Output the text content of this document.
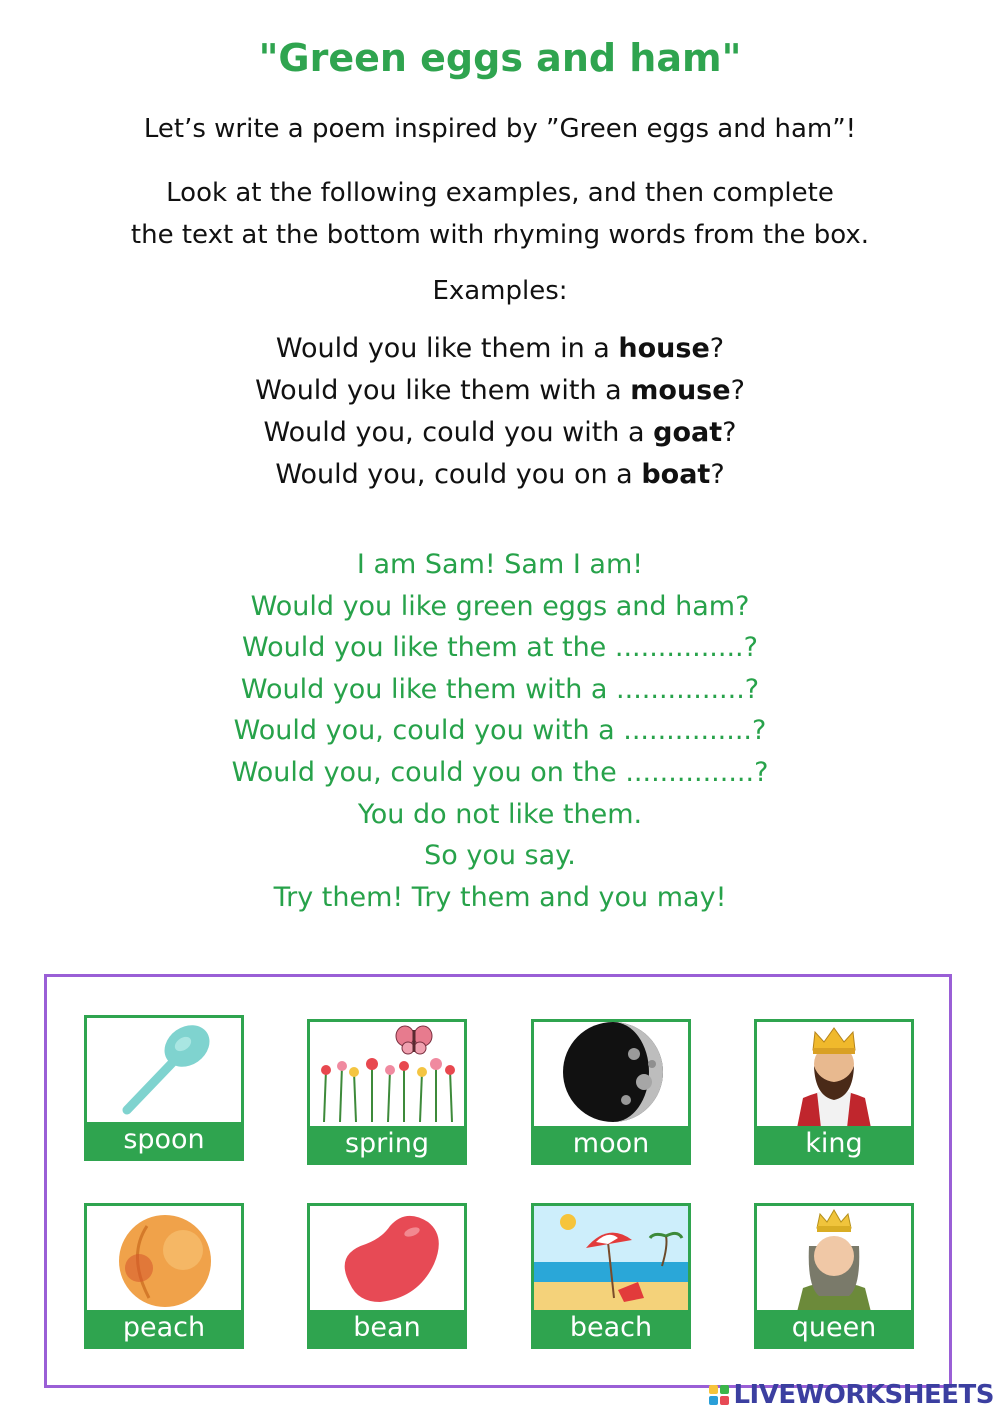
"Green eggs and ham"
Let’s write a poem inspired by ”Green eggs and ham”!
Look at the following examples, and then complete
the text at the bottom with rhyming words from the box.
Examples:
Would you like them in a house?
Would you like them with a mouse?
Would you, could you with a goat?
Would you, could you on a boat?
I am Sam! Sam I am!
Would you like green eggs and ham?
Would you like them at the ...............?
Would you like them with a ...............?
Would you, could you with a ...............?
Would you, could you on the ...............?
You do not like them.
So you say.
Try them! Try them and you may!
spoon	spring	moon	king
peach	bean	beach	queen
LIVEWORKSHEETS
